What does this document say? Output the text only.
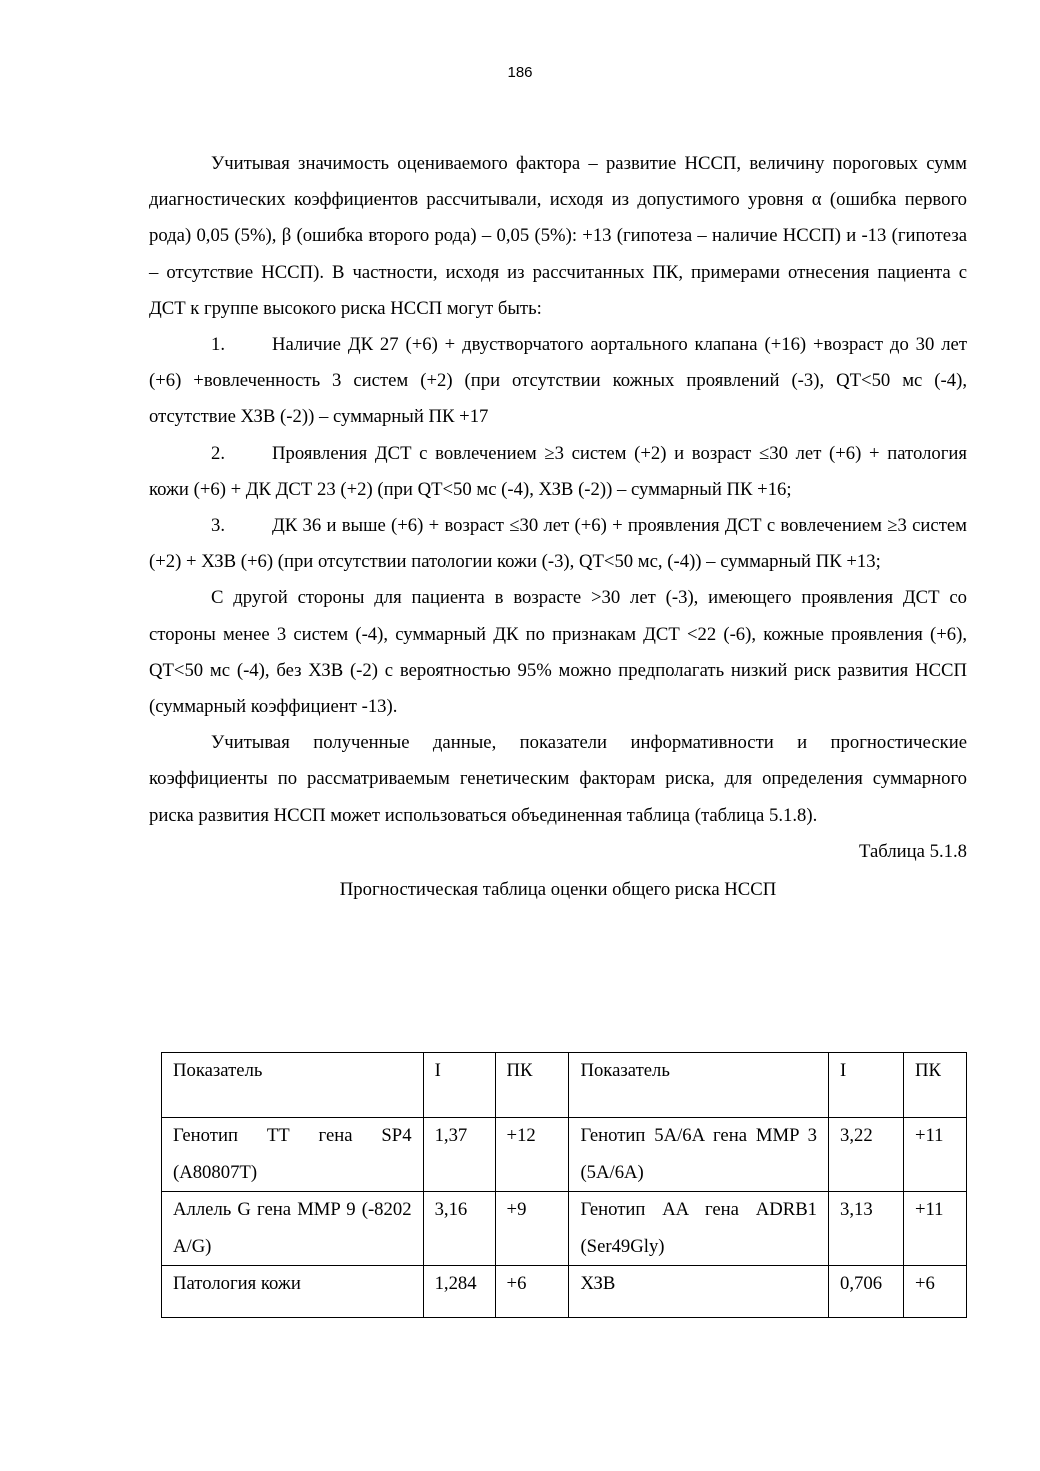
186

Учитывая значимость оцениваемого фактора – развитие НССП, величину пороговых сумм диагностических коэффициентов рассчитывали, исходя из допустимого уровня α (ошибка первого рода) 0,05 (5%), β (ошибка второго рода) – 0,05 (5%): +13 (гипотеза – наличие НССП) и -13 (гипотеза – отсутствие НССП). В частности, исходя из рассчитанных ПК, примерами отнесения пациента с ДСТ к группе высокого риска НССП могут быть:

1.	Наличие ДК 27 (+6) + двустворчатого аортального клапана (+16) +возраст до 30 лет (+6) +вовлеченность 3 систем (+2) (при отсутствии кожных проявлений (-3), QT<50 мс (-4), отсутствие ХЗВ (-2)) – суммарный ПК +17

2.	Проявления ДСТ с вовлечением ≥3 систем (+2) и возраст ≤30 лет (+6) + патология кожи (+6) + ДК ДСТ 23 (+2) (при QT<50 мс (-4), ХЗВ (-2)) – суммарный ПК +16;

3.	ДК 36 и выше (+6) + возраст ≤30 лет (+6) + проявления ДСТ с вовлечением ≥3 систем (+2) + ХЗВ (+6) (при отсутствии патологии кожи (-3), QT<50 мс, (-4)) – суммарный ПК +13;

С другой стороны для пациента в возрасте >30 лет (-3), имеющего проявления ДСТ со стороны менее 3 систем (-4), суммарный ДК по признакам ДСТ <22 (-6), кожные проявления (+6), QT<50 мс (-4), без ХЗВ (-2) с вероятностью 95% можно предполагать низкий риск развития НССП (суммарный коэффициент -13).

Учитывая полученные данные, показатели информативности и прогностические коэффициенты по рассматриваемым генетическим факторам риска, для определения суммарного риска развития НССП может использоваться объединенная таблица (таблица 5.1.8).

Таблица 5.1.8

Прогностическая таблица оценки общего риска НССП

Показатель	I	ПК	Показатель	I	ПК
Генотип ТТ гена SP4 (A80807T)	1,37	+12	Генотип 5A/6A гена MMP 3 (5A/6A)	3,22	+11
Аллель G гена MMP 9 (-8202 A/G)	3,16	+9	Генотип AA гена ADRB1 (Ser49Gly)	3,13	+11
Патология кожи	1,284	+6	ХЗВ	0,706	+6
